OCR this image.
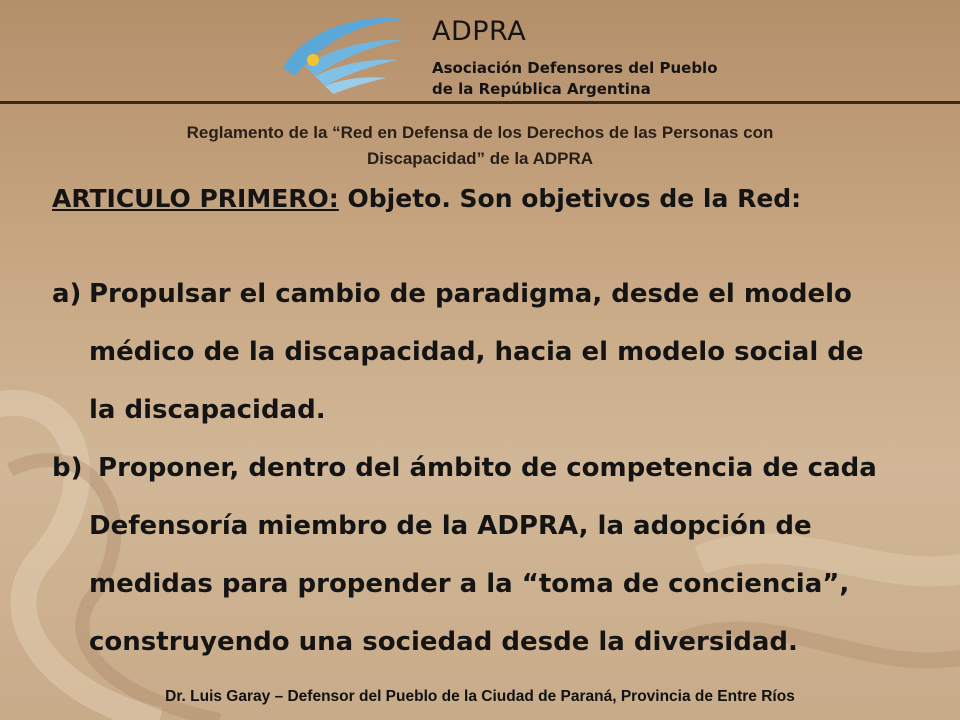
ADPRA
Asociación Defensores del Pueblo
de la República Argentina
Reglamento de la “Red en Defensa de los Derechos de las Personas con
Discapacidad” de la ADPRA
ARTICULO PRIMERO: Objeto. Son objetivos de la Red:
a) Propulsar el cambio de paradigma, desde el modelo
médico de la discapacidad, hacia el modelo social de
la discapacidad.
b) Proponer, dentro del ámbito de competencia de cada
Defensoría miembro de la ADPRA, la adopción de
medidas para propender a la “toma de conciencia”,
construyendo una sociedad desde la diversidad.
Dr. Luis Garay – Defensor del Pueblo de la Ciudad de Paraná, Provincia de Entre Ríos
